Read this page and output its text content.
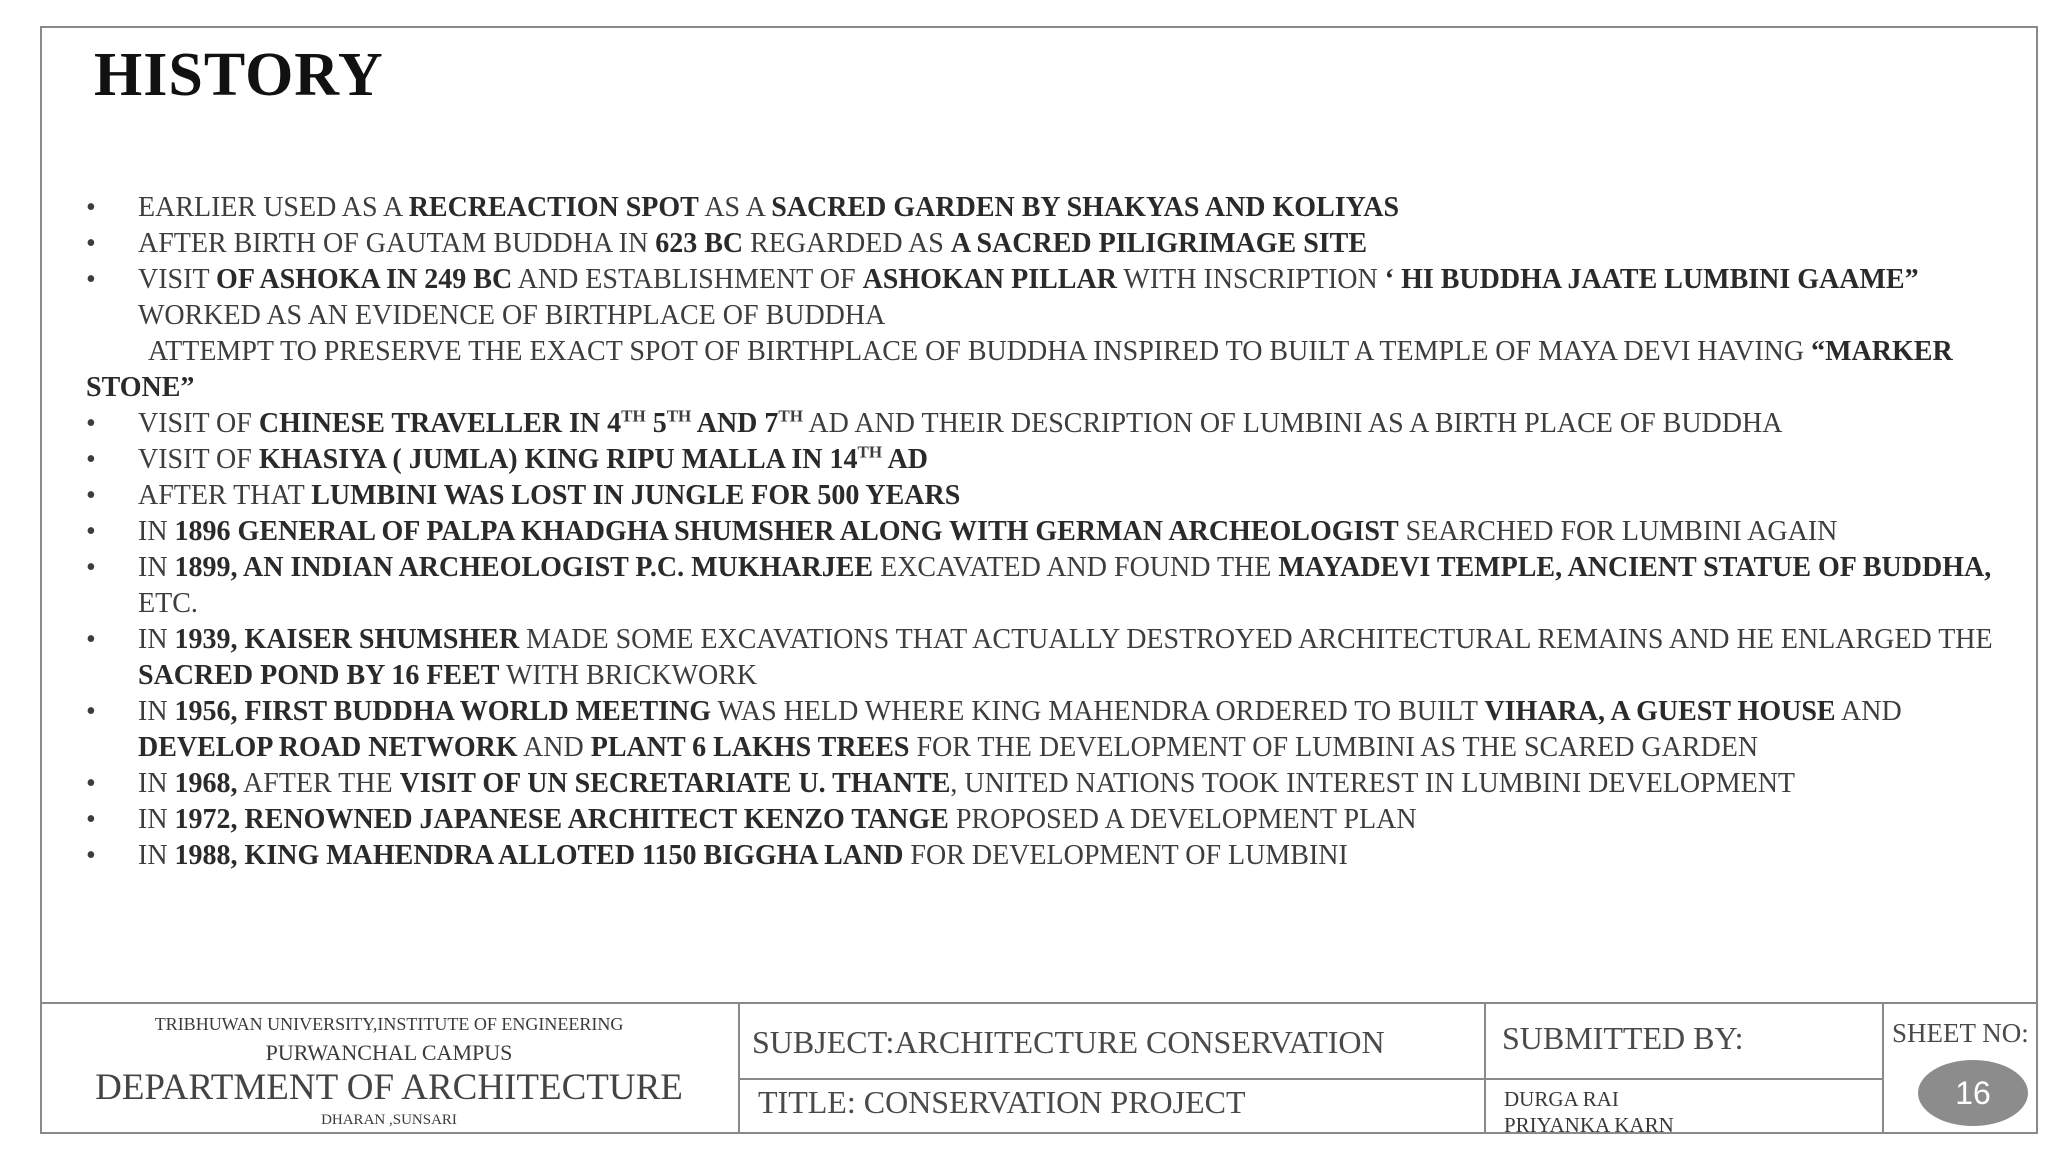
HISTORY
•	EARLIER USED AS A RECREACTION SPOT AS A SACRED GARDEN BY SHAKYAS AND KOLIYAS
•	AFTER BIRTH OF GAUTAM BUDDHA IN 623 BC REGARDED AS A SACRED PILIGRIMAGE SITE
•	VISIT OF ASHOKA IN 249 BC AND ESTABLISHMENT OF ASHOKAN PILLAR WITH INSCRIPTION ‘ HI BUDDHA JAATE LUMBINI GAAME” WORKED AS AN EVIDENCE OF BIRTHPLACE OF BUDDHA
ATTEMPT TO PRESERVE THE EXACT SPOT OF BIRTHPLACE OF BUDDHA INSPIRED TO BUILT A TEMPLE OF MAYA DEVI HAVING “MARKER STONE”
•	VISIT OF CHINESE TRAVELLER IN 4TH 5TH AND 7TH AD AND THEIR DESCRIPTION OF LUMBINI AS A BIRTH PLACE OF BUDDHA
•	VISIT OF KHASIYA ( JUMLA) KING RIPU MALLA IN 14TH AD
•	AFTER THAT LUMBINI WAS LOST IN JUNGLE FOR 500 YEARS
•	IN 1896 GENERAL OF PALPA KHADGHA SHUMSHER ALONG WITH GERMAN ARCHEOLOGIST SEARCHED FOR LUMBINI AGAIN
•	IN 1899, AN INDIAN ARCHEOLOGIST P.C. MUKHARJEE EXCAVATED AND FOUND THE MAYADEVI TEMPLE, ANCIENT STATUE OF BUDDHA, ETC.
•	IN 1939, KAISER SHUMSHER MADE SOME EXCAVATIONS THAT ACTUALLY DESTROYED ARCHITECTURAL REMAINS AND HE ENLARGED THE SACRED POND BY 16 FEET WITH BRICKWORK
•	IN 1956, FIRST BUDDHA WORLD MEETING WAS HELD WHERE KING MAHENDRA ORDERED TO BUILT VIHARA, A GUEST HOUSE AND DEVELOP ROAD NETWORK AND PLANT 6 LAKHS TREES FOR THE DEVELOPMENT OF LUMBINI AS THE SCARED GARDEN
•	IN 1968, AFTER THE VISIT OF UN SECRETARIATE U. THANTE, UNITED NATIONS TOOK INTEREST IN LUMBINI DEVELOPMENT
•	IN 1972, RENOWNED JAPANESE ARCHITECT KENZO TANGE PROPOSED A DEVELOPMENT PLAN
•	IN 1988, KING MAHENDRA ALLOTED 1150 BIGGHA LAND FOR DEVELOPMENT OF LUMBINI
TRIBHUWAN UNIVERSITY,INSTITUTE OF ENGINEERING
PURWANCHAL CAMPUS
DEPARTMENT OF ARCHITECTURE
DHARAN ,SUNSARI
SUBJECT:ARCHITECTURE CONSERVATION
TITLE: CONSERVATION PROJECT
SUBMITTED BY:
DURGA RAI
PRIYANKA KARN
SHEET NO:
16
